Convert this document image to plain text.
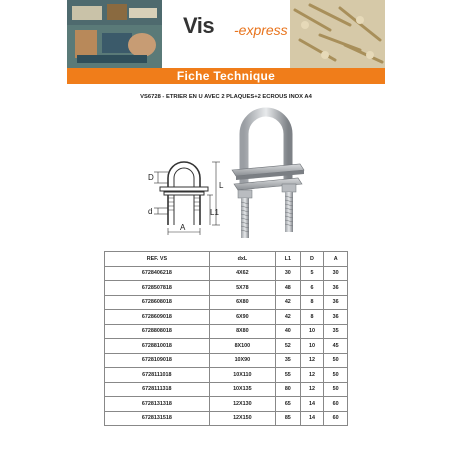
Vis -express
Fiche Technique
VS6728 - ETRIER EN U AVEC 2 PLAQUES+2 ECROUS INOX A4
D
d
L
L1
A
REF. VS	dxL	L1	D	A
6728406218	4X62	30	5	30
6728507818	5X78	48	6	36
6728608018	6X80	42	8	36
6728609018	6X90	42	8	36
6728808018	8X80	40	10	35
6728810018	8X100	52	10	45
6728109018	10X90	35	12	50
6728111018	10X110	55	12	50
6728111318	10X135	80	12	50
6728131318	12X130	65	14	60
6728131518	12X150	85	14	60
